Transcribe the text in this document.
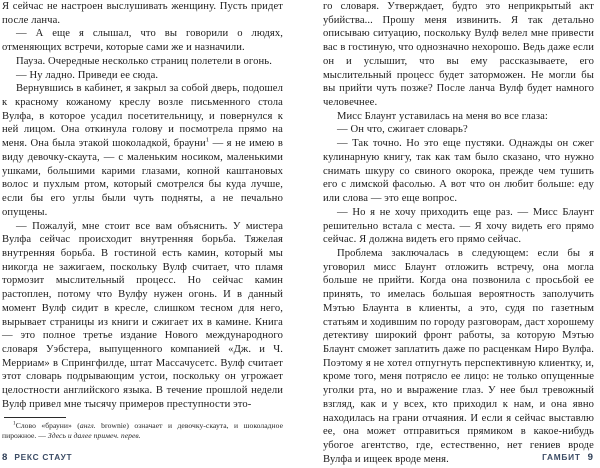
Я сейчас не настроен выслушивать женщину. Пусть придет после ланча.

— А еще я слышал, что вы говорили о людях, отменяющих встречи, которые сами же и назначили.

Пауза. Очередные несколько страниц полетели в огонь.

— Ну ладно. Приведи ее сюда.

Вернувшись в кабинет, я закрыл за собой дверь, подошел к красному кожаному креслу возле письменного стола Вулфа, в которое усадил посетительницу, и повернулся к ней лицом. Она откинула голову и посмотрела прямо на меня. Она была этакой шоколадкой, брауни$^1$ — я не имею в виду девочку-скаута, — с маленьким носиком, маленькими ушками, большими карими глазами, копной каштановых волос и пухлым ртом, который смотрелся бы куда лучше, если бы его углы были чуть подняты, а не печально опущены.

— Пожалуй, мне стоит все вам объяснить. У мистера Вулфа сейчас происходит внутренняя борьба. Тяжелая внутренняя борьба. В гостиной есть камин, который мы никогда не зажигаем, поскольку Вулф считает, что пламя тормозит мыслительный процесс. Но сейчас камин растоплен, потому что Вулфу нужен огонь. И в данный момент Вулф сидит в кресле, слишком тесном для него, вырывает страницы из книги и сжигает их в камине. Книга — это полное третье издание Нового международного словаря Уэбстера, выпущенного компанией «Дж. и Ч. Мерриам» в Спрингфилде, штат Массачусетс. Вулф считает этот словарь подрывающим устои, поскольку он угрожает целостности английского языка. В течение прошлой недели Вулф привел мне тысячу примеров преступности это-

$^1$Слово «брауни» (англ. brownie) означает и девочку-скаута, и шоколадное пирожное. — Здесь и далее примеч. перев.

8 РЕКС СТАУТ

го словаря. Утверждает, будто это неприкрытый акт убийства... Прошу меня извинить. Я так детально описываю ситуацию, поскольку Вулф велел мне привести вас в гостиную, что однозначно нехорошо. Ведь даже если он и услышит, что вы ему рассказываете, его мыслительный процесс будет заторможен. Не могли бы вы прийти чуть позже? После ланча Вулф будет намного человечнее.

Мисс Блаунт уставилась на меня во все глаза:

— Он что, сжигает словарь?

— Так точно. Но это еще пустяки. Однажды он сжег кулинарную книгу, так как там было сказано, что нужно снимать шкуру со свиного окорока, прежде чем тушить его с лимской фасолью. А вот что он любит больше: еду или слова — это еще вопрос.

— Но я не хочу приходить еще раз. — Мисс Блаунт решительно встала с места. — Я хочу видеть его прямо сейчас. Я должна видеть его прямо сейчас.

Проблема заключалась в следующем: если бы я уговорил мисс Блаунт отложить встречу, она могла больше не прийти. Когда она позвонила с просьбой ее принять, то имелась большая вероятность заполучить Мэтью Блаунта в клиенты, а это, судя по газетным статьям и ходившим по городу разговорам, даст хорошему детективу широкий фронт работы, за которую Мэтью Блаунт сможет заплатить даже по расценкам Ниро Вулфа. Поэтому я не хотел отпугнуть перспективную клиентку, и, кроме того, меня потрясло ее лицо: не только опущенные уголки рта, но и выражение глаз. У нее был тревожный взгляд, как и у всех, кто приходил к нам, и она явно находилась на грани отчаяния. И если я сейчас выставлю ее, она может отправиться прямиком в какое-нибудь убогое агентство, где, естественно, нет гениев вроде Вулфа и ищеек вроде меня.	ГАМБИТ 9
